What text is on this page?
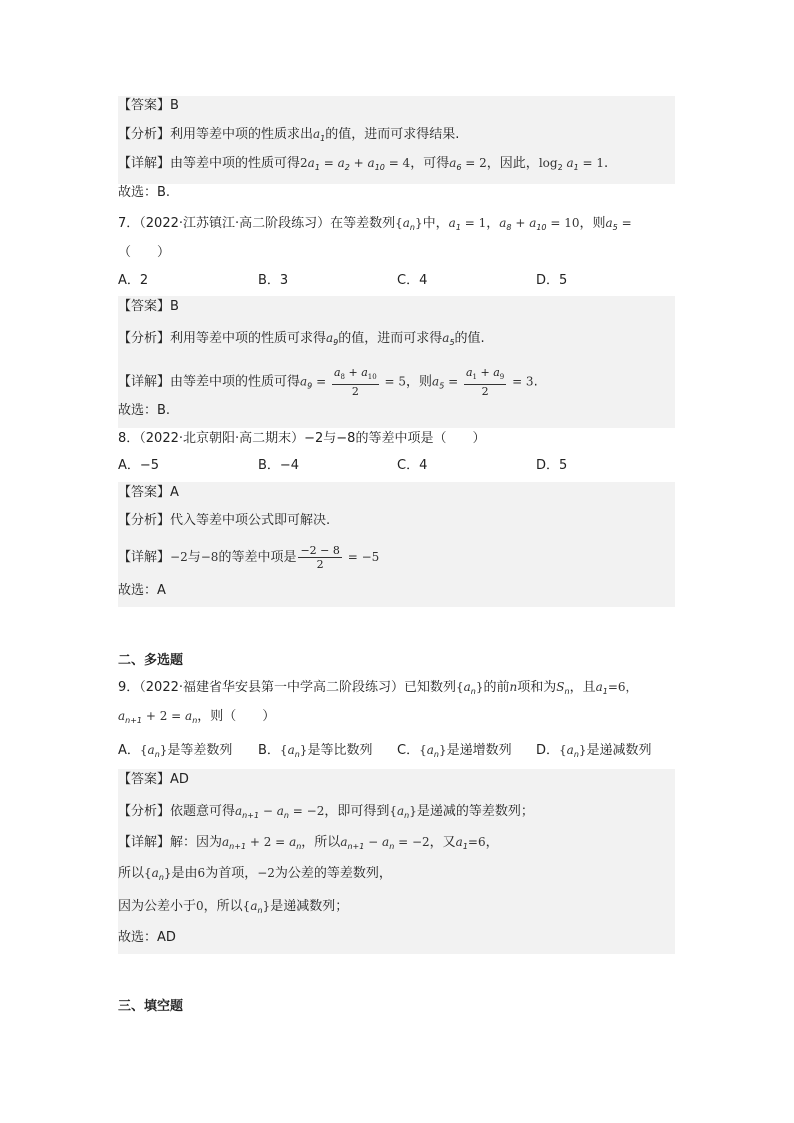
【答案】B
【分析】利用等差中项的性质求出$a_1$的值，进而可求得结果.
【详解】由等差中项的性质可得$2a_1 = a_2 + a_{10} = 4$，可得$a_6 = 2$，因此，$\log_2 a_1 = 1$.
故选：B.
7．（2022·江苏镇江·高二阶段练习）在等差数列$\{a_n\}$中，$a_1 = 1$，$a_8 + a_{10} = 10$，则$a_5$ =
（　　）
A．2	B．3	C．4	D．5
【答案】B
【分析】利用等差中项的性质可求得$a_9$的值，进而可求得$a_5$的值.
【详解】由等差中项的性质可得$a_9 = \frac{a_8 + a_{10}}{2} = 5$，则$a_5 = \frac{a_1 + a_9}{2} = 3$.
故选：B.
8．（2022·北京朝阳·高二期末）−2与−8的等差中项是（　　）
A．−5	B．−4	C．4	D．5
【答案】A
【分析】代入等差中项公式即可解决.
【详解】−2与−8的等差中项是 $\frac{-2 - 8}{2} = -5$
故选：A
二、多选题
9．（2022·福建省华安县第一中学高二阶段练习）已知数列$\{a_n\}$的前n项和为$S_n$，且$a_1=6$，
$a_{n+1} + 2 = a_n$，则（　　）
A．$\{a_n\}$是等差数列 B．$\{a_n\}$是等比数列 C．$\{a_n\}$是递增数列 D．$\{a_n\}$是递减数列
【答案】AD
【分析】依题意可得$a_{n+1} - a_n = -2$，即可得到$\{a_n\}$是递减的等差数列；
【详解】解：因为$a_{n+1} + 2 = a_n$，所以$a_{n+1} - a_n = -2$，又$a_1=6$，
所以$\{a_n\}$是由6为首项，−2为公差的等差数列，
因为公差小于0，所以$\{a_n\}$是递减数列；
故选：AD
三、填空题
